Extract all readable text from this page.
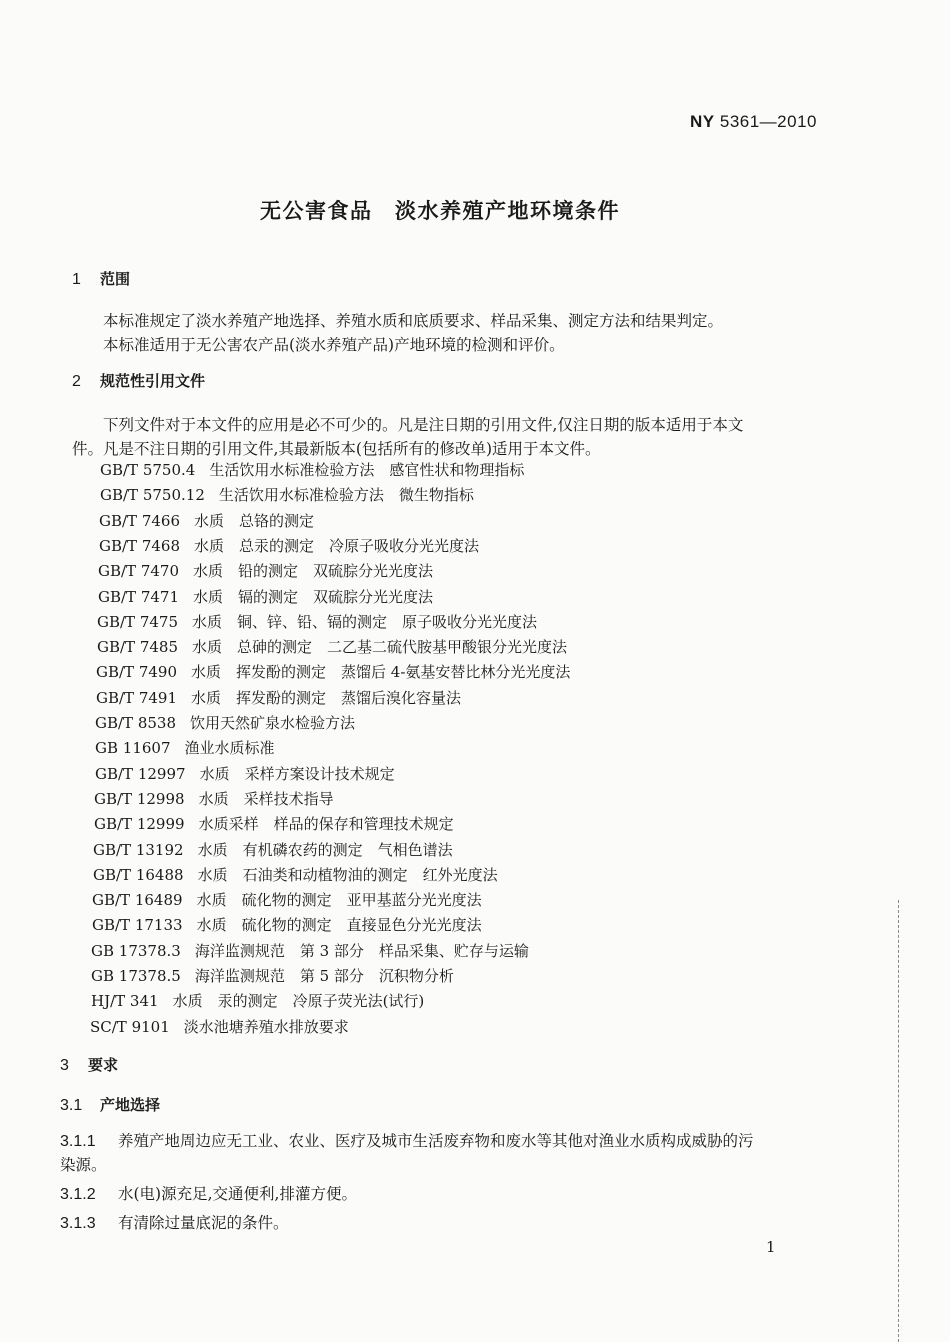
NY 5361—2010
无公害食品　淡水养殖产地环境条件
1 范围
本标准规定了淡水养殖产地选择、养殖水质和底质要求、样品采集、测定方法和结果判定。
本标准适用于无公害农产品(淡水养殖产品)产地环境的检测和评价。
2 规范性引用文件
下列文件对于本文件的应用是必不可少的。凡是注日期的引用文件,仅注日期的版本适用于本文
件。凡是不注日期的引用文件,其最新版本(包括所有的修改单)适用于本文件。
GB/T 5750.4 生活饮用水标准检验方法　感官性状和物理指标
GB/T 5750.12 生活饮用水标准检验方法　微生物指标
GB/T 7466 水质　总铬的测定
GB/T 7468 水质　总汞的测定　冷原子吸收分光光度法
GB/T 7470 水质　铅的测定　双硫腙分光光度法
GB/T 7471 水质　镉的测定　双硫腙分光光度法
GB/T 7475 水质　铜、锌、铅、镉的测定　原子吸收分光光度法
GB/T 7485 水质　总砷的测定　二乙基二硫代胺基甲酸银分光光度法
GB/T 7490 水质　挥发酚的测定　蒸馏后 4-氨基安替比林分光光度法
GB/T 7491 水质　挥发酚的测定　蒸馏后溴化容量法
GB/T 8538 饮用天然矿泉水检验方法
GB 11607 渔业水质标准
GB/T 12997 水质　采样方案设计技术规定
GB/T 12998 水质　采样技术指导
GB/T 12999 水质采样　样品的保存和管理技术规定
GB/T 13192 水质　有机磷农药的测定　气相色谱法
GB/T 16488 水质　石油类和动植物油的测定　红外光度法
GB/T 16489 水质　硫化物的测定　亚甲基蓝分光光度法
GB/T 17133 水质　硫化物的测定　直接显色分光光度法
GB 17378.3 海洋监测规范　第 3 部分　样品采集、贮存与运输
GB 17378.5 海洋监测规范　第 5 部分　沉积物分析
HJ/T 341 水质　汞的测定　冷原子荧光法(试行)
SC/T 9101 淡水池塘养殖水排放要求
3 要求
3.1 产地选择
3.1.1 养殖产地周边应无工业、农业、医疗及城市生活废弃物和废水等其他对渔业水质构成威胁的污
染源。
3.1.2 水(电)源充足,交通便利,排灌方便。
3.1.3 有清除过量底泥的条件。
1
